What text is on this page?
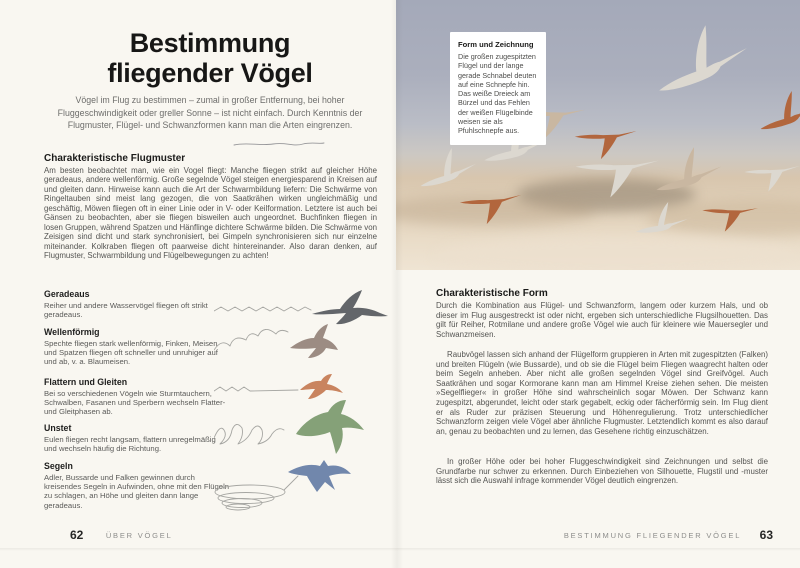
Bestimmung
fliegender Vögel

Vögel im Flug zu bestimmen – zumal in großer Entfernung, bei hoher Fluggeschwindigkeit oder greller Sonne – ist nicht einfach. Durch Kenntnis der Flugmuster, Flügel- und Schwanzformen kann man die Arten eingrenzen.

Charakteristische Flugmuster

Am besten beobachtet man, wie ein Vogel fliegt: Manche fliegen strikt auf gleicher Höhe geradeaus, andere wellenförmig. Große segelnde Vögel steigen energiesparend in Kreisen auf und gleiten dann. Hinweise kann auch die Art der Schwarmbildung liefern: Die Schwärme von Ringeltauben sind meist lang gezogen, die von Saatkrähen wirken ungleichmäßig und geschäftig, Möwen fliegen oft in einer Linie oder in V- oder Keilformation. Letztere ist auch bei Gänsen zu beobachten, aber sie fliegen bisweilen auch ungeordnet. Buchfinken fliegen in losen Gruppen, während Spatzen und Hänflinge dichtere Schwärme bilden. Die Schwärme von Zeisigen sind dicht und stark synchronisiert, bei Gimpeln synchronisieren sich nur einzelne miteinander. Kolkraben fliegen oft paarweise dicht hintereinander. Also daran denken, auf Flugmuster, Schwarmbildung und Flügelbewegungen zu achten!

Geradeaus

Reiher und andere Wasservögel fliegen oft strikt geradeaus.

Wellenförmig

Spechte fliegen stark wellenförmig, Finken, Meisen und Spatzen fliegen oft schneller und unruhiger auf und ab, v. a. Blaumeisen.

Flattern und Gleiten

Bei so verschiedenen Vögeln wie Sturmtauchern, Schwalben, Fasanen und Sperbern wechseln Flatter- und Gleitphasen ab.

Unstet

Eulen fliegen recht langsam, flattern unregelmäßig und wechseln häufig die Richtung.

Segeln

Adler, Bussarde und Falken gewinnen durch kreisendes Segeln in Aufwinden, ohne mit den Flügeln zu schlagen, an Höhe und gleiten dann lange geradeaus.

Form und Zeichnung

Die großen zugespitzten Flügel und der lange gerade Schnabel deuten auf eine Schnepfe hin. Das weiße Dreieck am Bürzel und das Fehlen der weißen Flügelbinde weisen sie als Pfuhlschnepfe aus.

Charakteristische Form

Durch die Kombination aus Flügel- und Schwanzform, langem oder kurzem Hals, und ob dieser im Flug ausgestreckt ist oder nicht, ergeben sich unterschiedliche Flugsilhouetten. Das gilt für Reiher, Rotmilane und andere große Vögel wie auch für kleinere wie Mauersegler und Schwanzmeisen.

Raubvögel lassen sich anhand der Flügelform gruppieren in Arten mit zugespitzten (Falken) und breiten Flügeln (wie Bussarde), und ob sie die Flügel beim Fliegen waagrecht halten oder beim Segeln anheben. Aber nicht alle großen segelnden Vögel sind Greifvögel. Auch Saatkrähen und sogar Kormorane kann man am Himmel Kreise ziehen sehen. Die meisten »Segelflieger« in großer Höhe sind wahrscheinlich sogar Möwen. Der Schwanz kann zugespitzt, abgerundet, leicht oder stark gegabelt, eckig oder fächerförmig sein. Im Flug dient er als Ruder zur präzisen Steuerung und Höhenregulierung. Trotz unterschiedlicher Schwanzform zeigen viele Vögel aber ähnliche Flugmuster. Letztendlich kommt es also darauf an, genau zu beobachten und zu lernen, das Gesehene richtig einzuschätzen.

In großer Höhe oder bei hoher Fluggeschwindigkeit sind Zeichnungen und selbst die Grundfarbe nur schwer zu erkennen. Durch Einbeziehen von Silhouette, Flugstil und -muster lässt sich die Auswahl infrage kommender Vögel deutlich eingrenzen.

62	ÜBER VÖGEL	BESTIMMUNG FLIEGENDER VÖGEL 63
